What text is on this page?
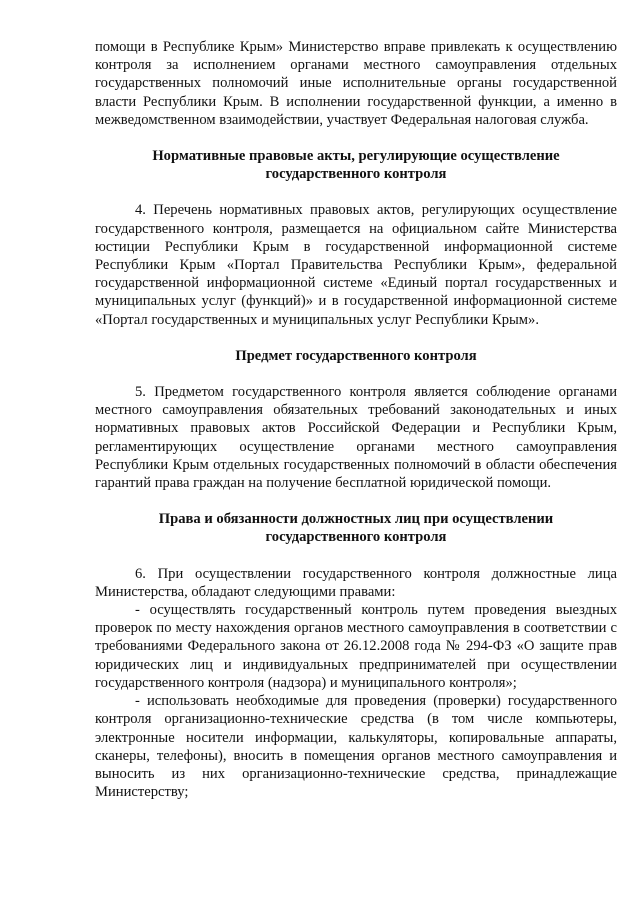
помощи в Республике Крым» Министерство вправе привлекать к осуществлению контроля за исполнением органами местного самоуправления отдельных государственных полномочий иные исполнительные органы государственной власти Республики Крым. В исполнении государственной функции, а именно в межведомственном взаимодействии, участвует Федеральная налоговая служба.

Нормативные правовые акты, регулирующие осуществление
государственного контроля

4. Перечень нормативных правовых актов, регулирующих осуществление государственного контроля, размещается на официальном сайте Министерства юстиции Республики Крым в государственной информационной системе Республики Крым «Портал Правительства Республики Крым», федеральной государственной информационной системе «Единый портал государственных и муниципальных услуг (функций)» и в государственной информационной системе «Портал государственных и муниципальных услуг Республики Крым».

Предмет государственного контроля

5. Предметом государственного контроля является соблюдение органами местного самоуправления обязательных требований законодательных и иных нормативных правовых актов Российской Федерации и Республики Крым, регламентирующих осуществление органами местного самоуправления Республики Крым отдельных государственных полномочий в области обеспечения гарантий права граждан на получение бесплатной юридической помощи.

Права и обязанности должностных лиц при осуществлении
государственного контроля

6. При осуществлении государственного контроля должностные лица Министерства, обладают следующими правами:

- осуществлять государственный контроль путем проведения выездных проверок по месту нахождения органов местного самоуправления в соответствии с требованиями Федерального закона от 26.12.2008 года № 294-ФЗ «О защите прав юридических лиц и индивидуальных предпринимателей при осуществлении государственного контроля (надзора) и муниципального контроля»;

- использовать необходимые для проведения (проверки) государственного контроля организационно-технические средства (в том числе компьютеры, электронные носители информации, калькуляторы, копировальные аппараты, сканеры, телефоны), вносить в помещения органов местного самоуправления и выносить из них организационно-технические средства, принадлежащие Министерству;
